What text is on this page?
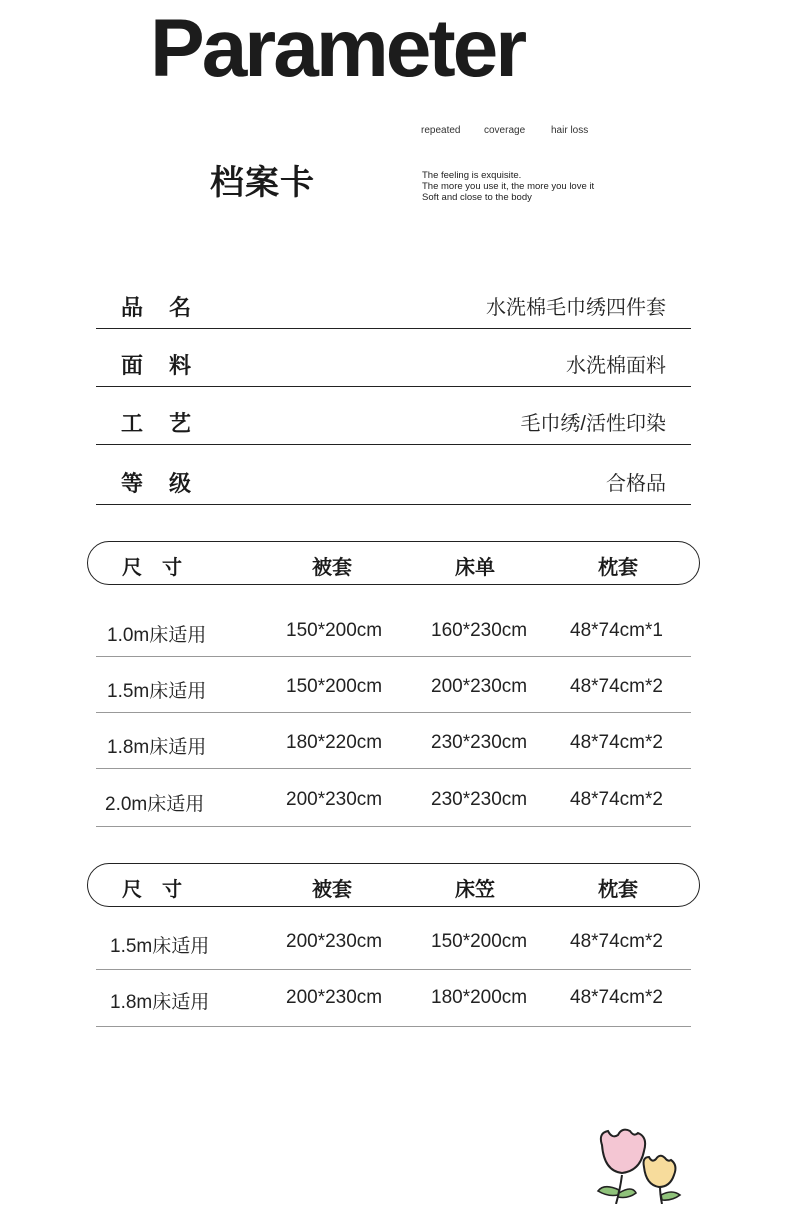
Parameter
repeated coverage	hair loss
档案卡	The feeling is exquisite.
The more you use it, the more you love it
Soft and close to the body
品 名	水洗棉毛巾绣四件套
面 料	水洗棉面料
工 艺	毛巾绣/活性印染
等 级	合格品
尺　寸	被套	床单	枕套
1.0m床适用	150*200cm	160*230cm 48*74cm*1
1.5m床适用	150*200cm	200*230cm 48*74cm*2
1.8m床适用	180*220cm	230*230cm 48*74cm*2
2.0m床适用	200*230cm	230*230cm 48*74cm*2
尺　寸	被套	床笠	枕套
1.5m床适用	200*230cm	150*200cm 48*74cm*2
1.8m床适用	200*230cm	180*200cm 48*74cm*2
